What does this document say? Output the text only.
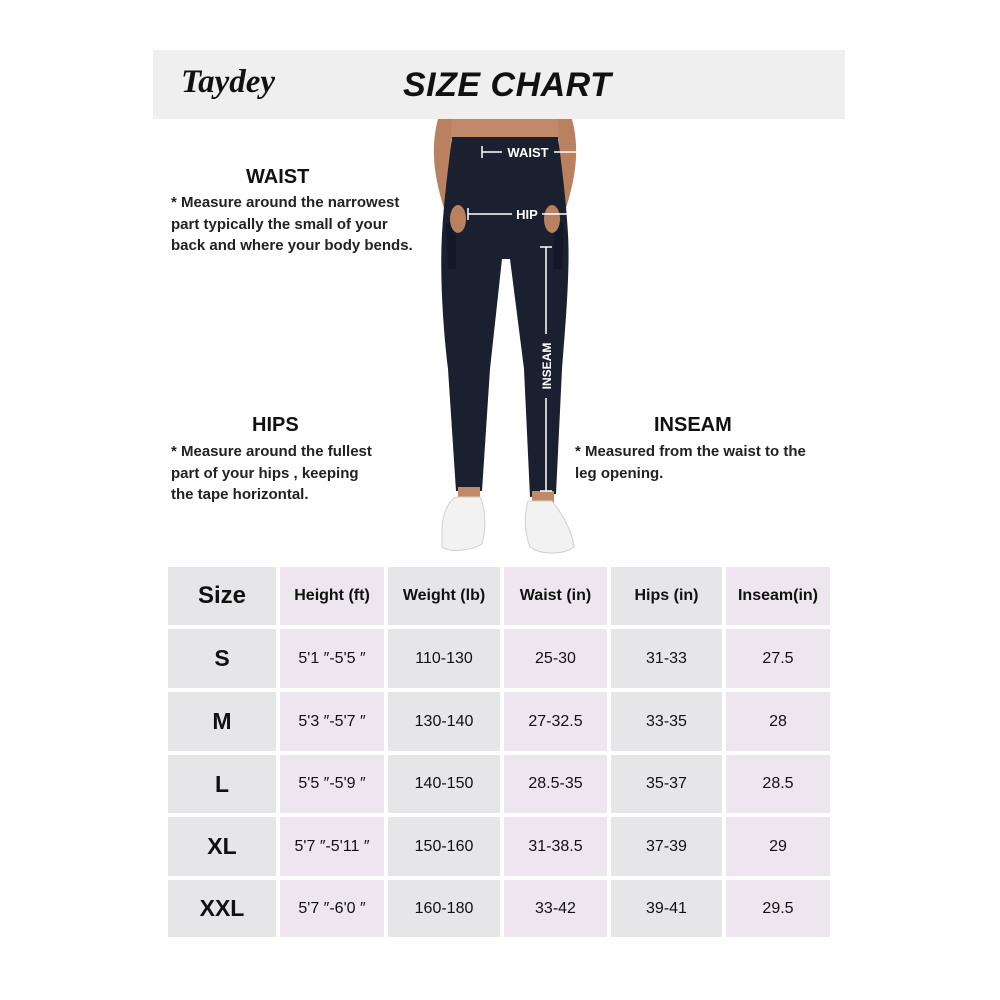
Taydey	SIZE CHART
WAIST
HIP
INSEAM
WAIST
* Measure around the narrowest
part typically the small of your
back and where your body bends.
HIPS
* Measure around the fullest
part of your hips , keeping
the tape horizontal.
INSEAM
* Measured from the waist to the
leg opening.
Size	Height (ft)	Weight (lb)	Waist (in)	Hips (in)	Inseam(in)
S	5'1 ″-5'5 ″	110-130	25-30	31-33	27.5
M	5'3 ″-5'7 ″	130-140	27-32.5	33-35	28
L	5'5 ″-5'9 ″	140-150	28.5-35	35-37	28.5
XL	5'7 ″-5'11 ″	150-160	31-38.5	37-39	29
XXL	5'7 ″-6'0 ″	160-180	33-42	39-41	29.5
